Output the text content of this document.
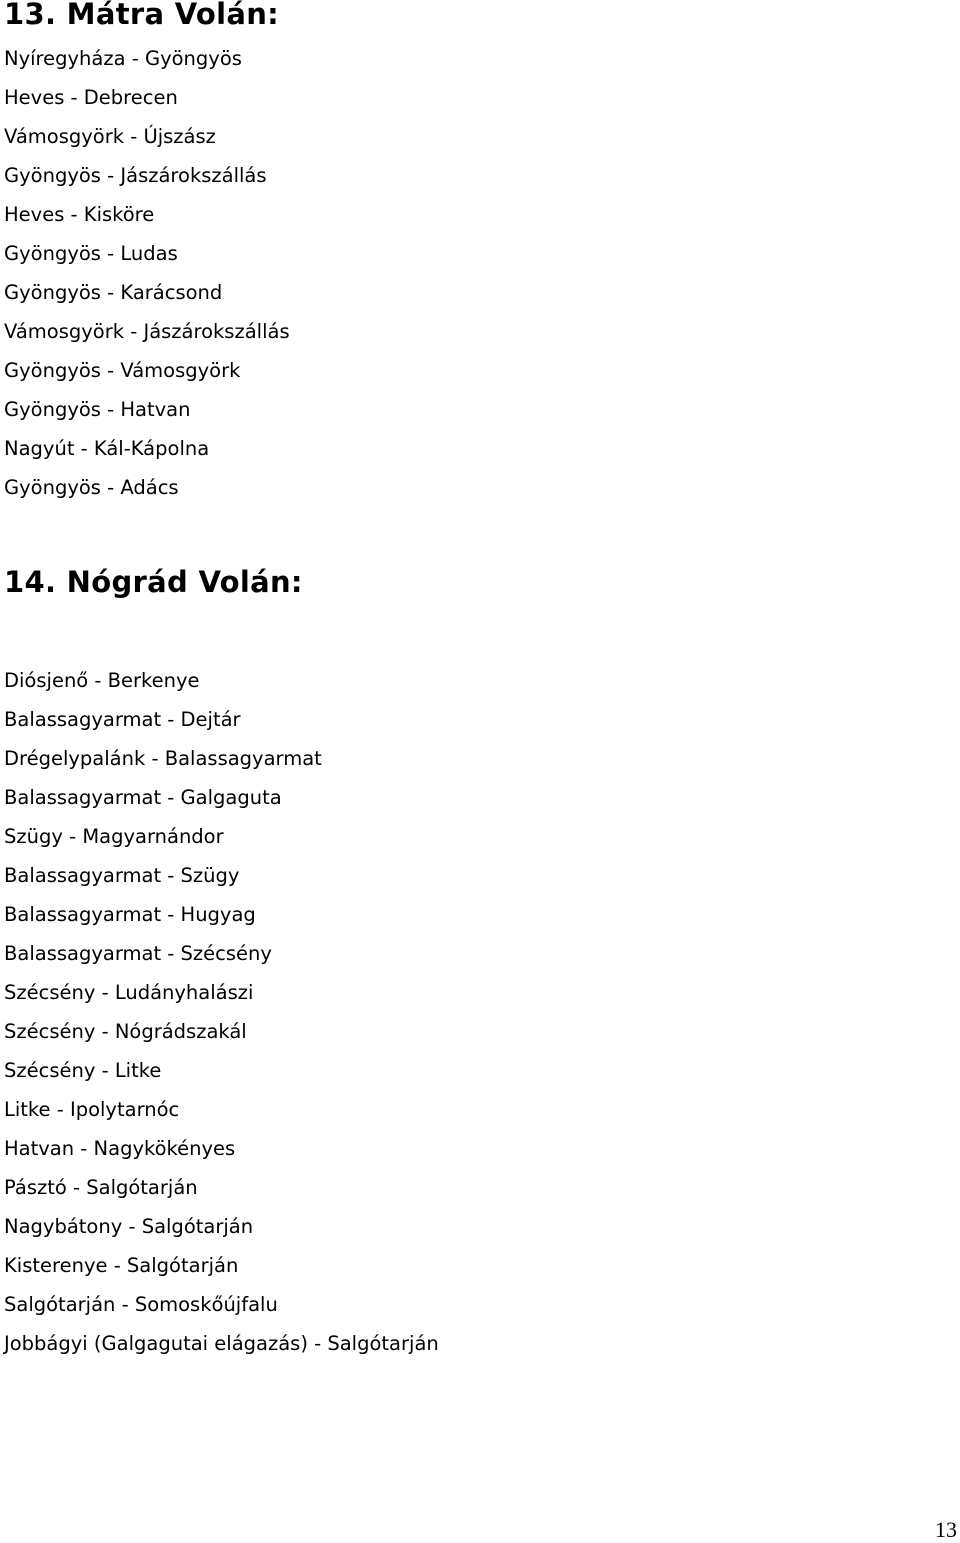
13. Mátra Volán:
Nyíregyháza - Gyöngyös
Heves - Debrecen
Vámosgyörk - Újszász
Gyöngyös - Jászárokszállás
Heves - Kisköre
Gyöngyös - Ludas
Gyöngyös - Karácsond
Vámosgyörk - Jászárokszállás
Gyöngyös - Vámosgyörk
Gyöngyös - Hatvan
Nagyút - Kál-Kápolna
Gyöngyös - Adács
14. Nógrád Volán:
Diósjenő - Berkenye
Balassagyarmat - Dejtár
Drégelypalánk - Balassagyarmat
Balassagyarmat - Galgaguta
Szügy - Magyarnándor
Balassagyarmat - Szügy
Balassagyarmat - Hugyag
Balassagyarmat - Szécsény
Szécsény - Ludányhalászi
Szécsény - Nógrádszakál
Szécsény - Litke
Litke - Ipolytarnóc
Hatvan - Nagykökényes
Pásztó - Salgótarján
Nagybátony - Salgótarján
Kisterenye - Salgótarján
Salgótarján - Somoskőújfalu
Jobbágyi (Galgagutai elágazás) - Salgótarján
13
